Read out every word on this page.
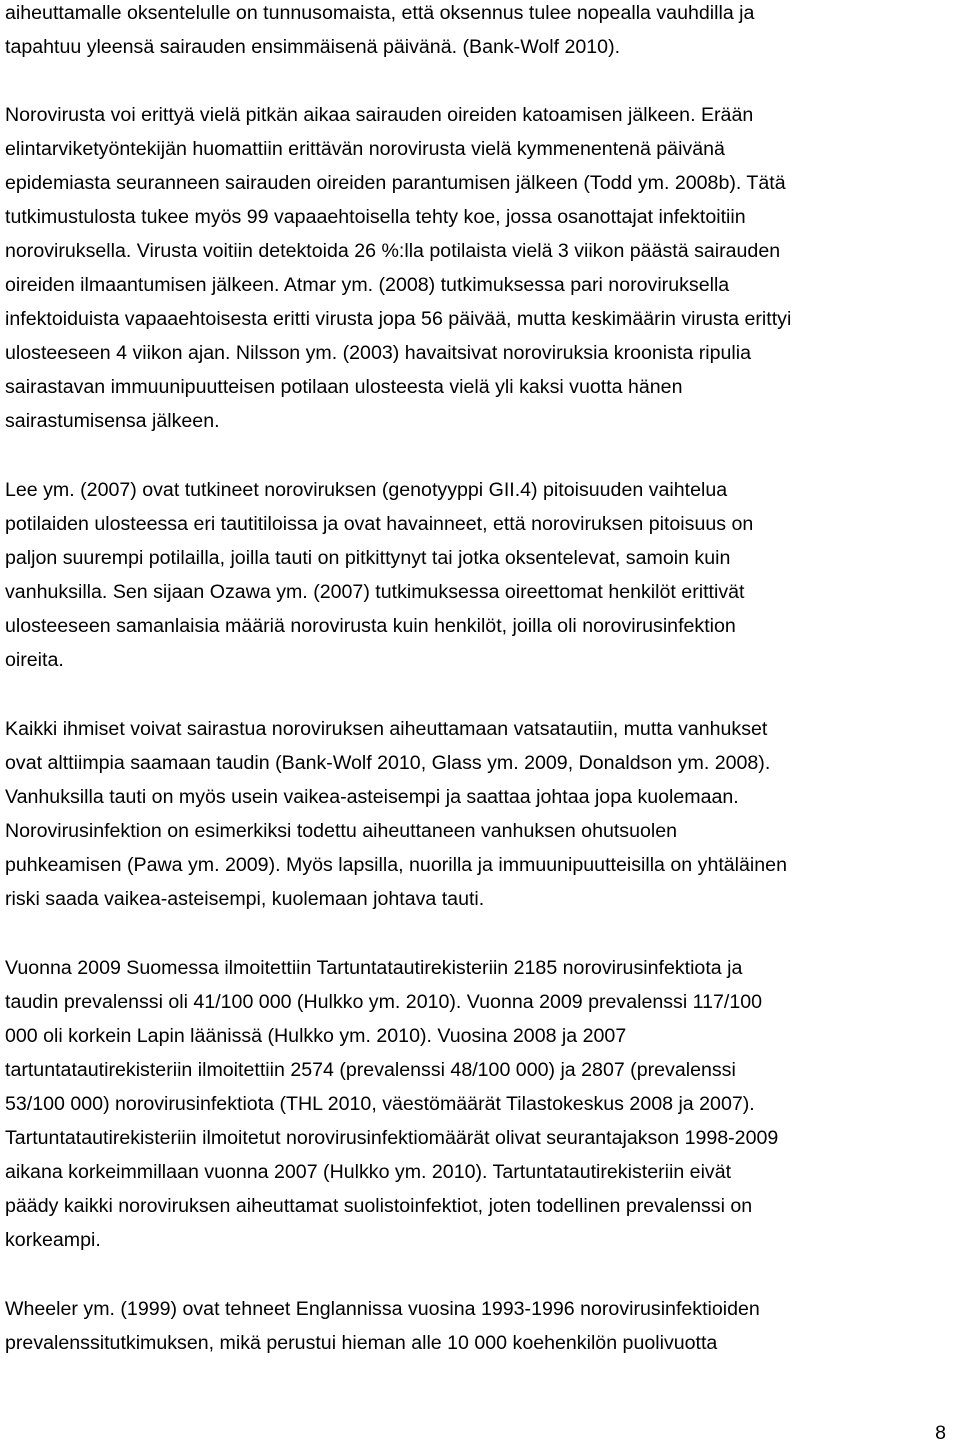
aiheuttamalle oksentelulle on tunnusomaista, että oksennus tulee nopealla vauhdilla ja
tapahtuu yleensä sairauden ensimmäisenä päivänä. (Bank-Wolf 2010).
Norovirusta voi erittyä vielä pitkän aikaa sairauden oireiden katoamisen jälkeen. Erään
elintarviketyöntekijän huomattiin erittävän norovirusta vielä kymmenentenä päivänä
epidemiasta seuranneen sairauden oireiden parantumisen jälkeen (Todd ym. 2008b). Tätä
tutkimustulosta tukee myös 99 vapaaehtoisella tehty koe, jossa osanottajat infektoitiin
noroviruksella. Virusta voitiin detektoida 26 %:lla potilaista vielä 3 viikon päästä sairauden
oireiden ilmaantumisen jälkeen. Atmar ym. (2008) tutkimuksessa pari noroviruksella
infektoiduista vapaaehtoisesta eritti virusta jopa 56 päivää, mutta keskimäärin virusta erittyi
ulosteeseen 4 viikon ajan. Nilsson ym. (2003) havaitsivat noroviruksia kroonista ripulia
sairastavan immuunipuutteisen potilaan ulosteesta vielä yli kaksi vuotta hänen
sairastumisensa jälkeen.
Lee ym. (2007) ovat tutkineet noroviruksen (genotyyppi GII.4) pitoisuuden vaihtelua
potilaiden ulosteessa eri tautitiloissa ja ovat havainneet, että noroviruksen pitoisuus on
paljon suurempi potilailla, joilla tauti on pitkittynyt tai jotka oksentelevat, samoin kuin
vanhuksilla. Sen sijaan Ozawa ym. (2007) tutkimuksessa oireettomat henkilöt erittivät
ulosteeseen samanlaisia määriä norovirusta kuin henkilöt, joilla oli norovirusinfektion
oireita.
Kaikki ihmiset voivat sairastua noroviruksen aiheuttamaan vatsatautiin, mutta vanhukset
ovat alttiimpia saamaan taudin (Bank-Wolf 2010, Glass ym. 2009, Donaldson ym. 2008).
Vanhuksilla tauti on myös usein vaikea-asteisempi ja saattaa johtaa jopa kuolemaan.
Norovirusinfektion on esimerkiksi todettu aiheuttaneen vanhuksen ohutsuolen
puhkeamisen (Pawa ym. 2009). Myös lapsilla, nuorilla ja immuunipuutteisilla on yhtäläinen
riski saada vaikea-asteisempi, kuolemaan johtava tauti.
Vuonna 2009 Suomessa ilmoitettiin Tartuntatautirekisteriin 2185 norovirusinfektiota ja
taudin prevalenssi oli 41/100 000 (Hulkko ym. 2010). Vuonna 2009 prevalenssi 117/100
000 oli korkein Lapin läänissä (Hulkko ym. 2010). Vuosina 2008 ja 2007
tartuntatautirekisteriin ilmoitettiin 2574 (prevalenssi 48/100 000) ja 2807 (prevalenssi
53/100 000) norovirusinfektiota (THL 2010, väestömäärät Tilastokeskus 2008 ja 2007).
Tartuntatautirekisteriin ilmoitetut norovirusinfektiomäärät olivat seurantajakson 1998-2009
aikana korkeimmillaan vuonna 2007 (Hulkko ym. 2010). Tartuntatautirekisteriin eivät
päädy kaikki noroviruksen aiheuttamat suolistoinfektiot, joten todellinen prevalenssi on
korkeampi.
Wheeler ym. (1999) ovat tehneet Englannissa vuosina 1993-1996 norovirusinfektioiden
prevalenssitutkimuksen, mikä perustui hieman alle 10 000 koehenkilön puolivuotta
8
